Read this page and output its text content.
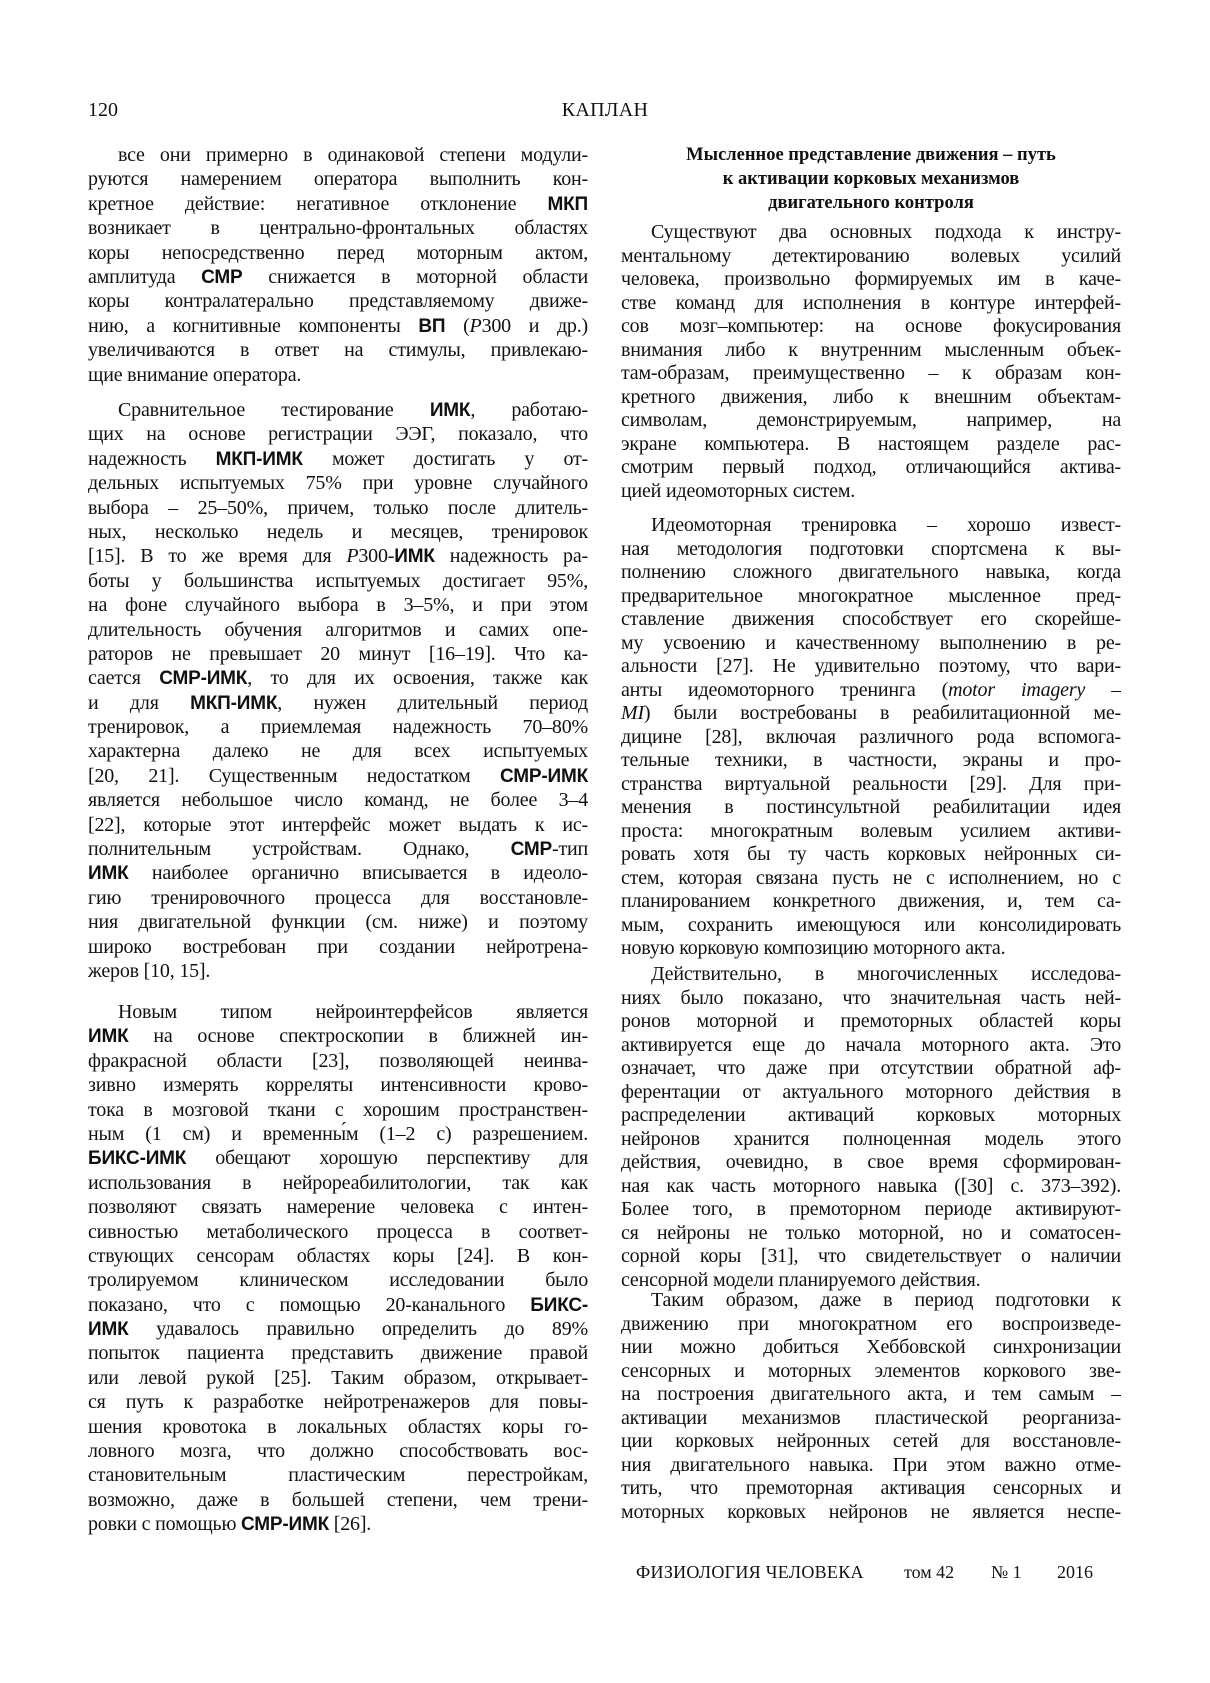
120	КАПЛАН
все они примерно в одинаковой степени модули-
руются намерением оператора выполнить кон-
кретное действие: негативное отклонение МКП
возникает в центрально-фронтальных областях
коры непосредственно перед моторным актом,
амплитуда СМР снижается в моторной области
коры контралатерально представляемому движе-
нию, а когнитивные компоненты ВП (P300 и др.)
увеличиваются в ответ на стимулы, привлекаю-
щие внимание оператора.
Сравнительное тестирование ИМК, работаю-
щих на основе регистрации ЭЭГ, показало, что
надежность МКП-ИМК может достигать у от-
дельных испытуемых 75% при уровне случайного
выбора – 25–50%, причем, только после длитель-
ных, несколько недель и месяцев, тренировок
[15]. В то же время для P300-ИМК надежность ра-
боты у большинства испытуемых достигает 95%,
на фоне случайного выбора в 3–5%, и при этом
длительность обучения алгоритмов и самих опе-
раторов не превышает 20 минут [16–19]. Что ка-
сается СМР-ИМК, то для их освоения, также как
и для МКП-ИМК, нужен длительный период
тренировок, а приемлемая надежность 70–80%
характерна далеко не для всех испытуемых
[20, 21]. Существенным недостатком СМР-ИМК
является небольшое число команд, не более 3–4
[22], которые этот интерфейс может выдать к ис-
полнительным устройствам. Однако, СМР-тип
ИМК наиболее органично вписывается в идеоло-
гию тренировочного процесса для восстановле-
ния двигательной функции (см. ниже) и поэтому
широко востребован при создании нейротрена-
жеров [10, 15].
Новым типом нейроинтерфейсов является
ИМК на основе спектроскопии в ближней ин-
фракрасной области [23], позволяющей неинва-
зивно измерять корреляты интенсивности крово-
тока в мозговой ткани с хорошим пространствен-
ным (1 см) и временны́м (1–2 с) разрешением.
БИКС-ИМК обещают хорошую перспективу для
использования в нейрореабилитологии, так как
позволяют связать намерение человека с интен-
сивностью метаболического процесса в соответ-
ствующих сенсорам областях коры [24]. В кон-
тролируемом клиническом исследовании было
показано, что с помощью 20-канального БИКС-
ИМК удавалось правильно определить до 89%
попыток пациента представить движение правой
или левой рукой [25]. Таким образом, открывает-
ся путь к разработке нейротренажеров для повы-
шения кровотока в локальных областях коры го-
ловного мозга, что должно способствовать вос-
становительным пластическим перестройкам,
возможно, даже в большей степени, чем трени-
ровки с помощью СМР-ИМК [26].
Мысленное представление движения – путь
к активации корковых механизмов
двигательного контроля
Существуют два основных подхода к инстру-
ментальному детектированию волевых усилий
человека, произвольно формируемых им в каче-
стве команд для исполнения в контуре интерфей-
сов мозг–компьютер: на основе фокусирования
внимания либо к внутренним мысленным объек-
там-образам, преимущественно – к образам кон-
кретного движения, либо к внешним объектам-
символам, демонстрируемым, например, на
экране компьютера. В настоящем разделе рас-
смотрим первый подход, отличающийся актива-
цией идеомоторных систем.
Идеомоторная тренировка – хорошо извест-
ная методология подготовки спортсмена к вы-
полнению сложного двигательного навыка, когда
предварительное многократное мысленное пред-
ставление движения способствует его скорейше-
му усвоению и качественному выполнению в ре-
альности [27]. Не удивительно поэтому, что вари-
анты идеомоторного тренинга (motor imagery –
MI) были востребованы в реабилитационной ме-
дицине [28], включая различного рода вспомога-
тельные техники, в частности, экраны и про-
странства виртуальной реальности [29]. Для при-
менения в постинсультной реабилитации идея
проста: многократным волевым усилием активи-
ровать хотя бы ту часть корковых нейронных си-
стем, которая связана пусть не с исполнением, но с
планированием конкретного движения, и, тем са-
мым, сохранить имеющуюся или консолидировать
новую корковую композицию моторного акта.
Действительно, в многочисленных исследова-
ниях было показано, что значительная часть ней-
ронов моторной и премоторных областей коры
активируется еще до начала моторного акта. Это
означает, что даже при отсутствии обратной аф-
ферентации от актуального моторного действия в
распределении активаций корковых моторных
нейронов хранится полноценная модель этого
действия, очевидно, в свое время сформирован-
ная как часть моторного навыка ([30] с. 373–392).
Более того, в премоторном периоде активируют-
ся нейроны не только моторной, но и соматосен-
сорной коры [31], что свидетельствует о наличии
сенсорной модели планируемого действия.
Таким образом, даже в период подготовки к
движению при многократном его воспроизведе-
нии можно добиться Хеббовской синхронизации
сенсорных и моторных элементов коркового зве-
на построения двигательного акта, и тем самым –
активации механизмов пластической реорганиза-
ции корковых нейронных сетей для восстановле-
ния двигательного навыка. При этом важно отме-
тить, что премоторная активация сенсорных и
моторных корковых нейронов не является неспе-
ФИЗИОЛОГИЯ ЧЕЛОВЕКА том 42 № 1 2016
